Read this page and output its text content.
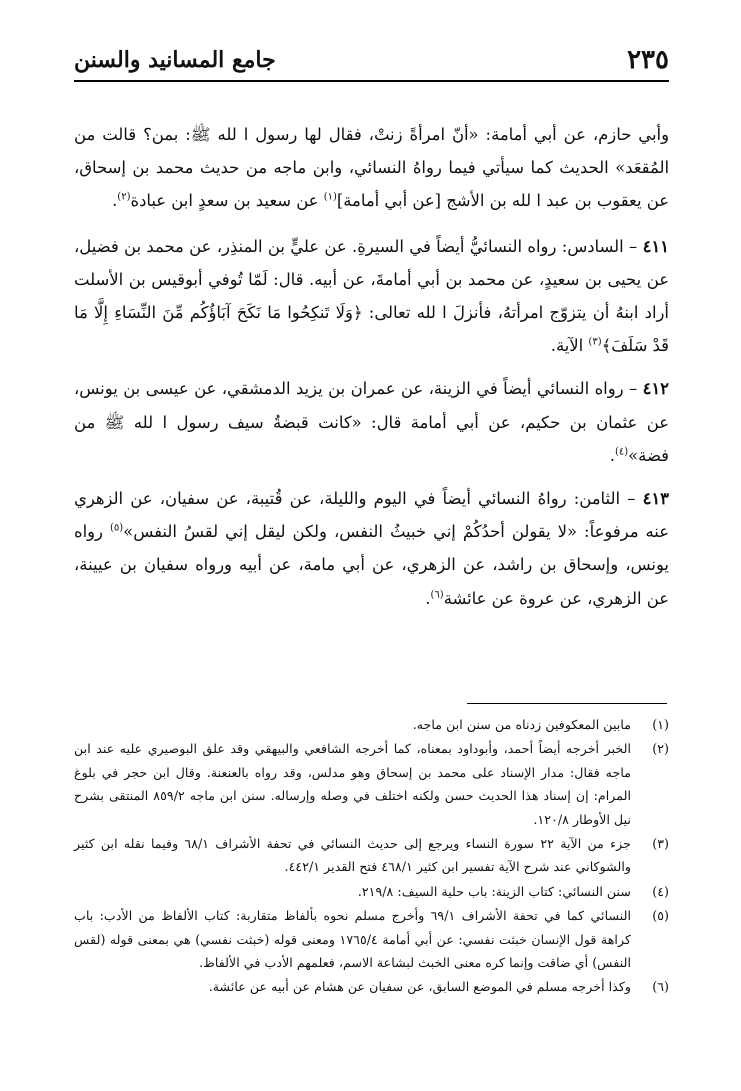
٢٣٥
جامع المسانيد والسنن

وأبي حازم، عن أبي أمامة: «أنّ امرأةً زنتْ، فقال لها رسول ا لله ﷺ: بمن؟ قالت من المُقعَد» الحديث كما سيأتي فيما رواهُ النسائي، وابن ماجه من حديث محمد بن إسحاق، عن يعقوب بن عبد ا لله بن الأشج [عن أبي أمامة]$^{(١)}$ عن سعيد بن سعدٍ ابن عبادة$^{(٢)}$.

٤١١ – السادس: رواه النسائيُّ أيضاً في السيرةِ. عن عليٍّ بن المنذِر، عن محمد بن فضيل، عن يحيى بن سعيدٍ، عن محمد بن أبي أمامةَ، عن أبيه. قال: لَمّا تُوفي أبوقيس بن الأسلت أراد ابنهُ أن يتزوّج امرأتهُ، فأنزلَ ا لله تعالى: ﴿وَلَا تَنكِحُوا مَا نَكَحَ آبَاؤُكُم مِّنَ النِّسَاءِ إِلَّا مَا قَدْ سَلَفَ﴾$^{(٣)}$ الآية.

٤١٢ – رواه النسائي أيضاً في الزينة، عن عمران بن يزيد الدمشقي، عن عيسى بن يونس، عن عثمان بن حكيم، عن أبي أمامة قال: «كانت قبضةُ سيف رسول ا لله ﷺ من فضة»$^{(٤)}$.

٤١٣ – الثامن: رواهُ النسائي أيضاً في اليوم والليلة، عن قُتيبة، عن سفيان، عن الزهري عنه مرفوعاً: «لا يقولن أحدُكُمْ إني خبيثُ النفس، ولكن ليقل إني لقسُ النفس»$^{(٥)}$ رواه يونس، وإسحاق بن راشد، عن الزهري، عن أبي مامة، عن أبيه ورواه سفيان بن عيينة، عن الزهري، عن عروة عن عائشة$^{(٦)}$.

(١)
مابين المعكوفين زدناه من سنن ابن ماجه.
(٢)
الخبر أخرجه أيضاً أحمد، وأبوداود بمعناه، كما أخرجه الشافعي والبيهقي وقد علق البوصيري عليه عند ابن ماجه فقال: مدار الإسناد على محمد بن إسحاق وهو مدلس، وقد رواه بالعنعنة. وقال ابن حجر في بلوغ المرام: إن إسناد هذا الحديث حسن ولكنه اختلف في وصله وإرساله. سنن ابن ماجه ٨٥٩/٢ المنتقى بشرح نيل الأوطار ١٢٠/٨.
(٣)
جزء من الآية ٢٢ سورة النساء ويرجع إلى حديث النسائي في تحفة الأشراف ٦٨/١ وفيما نقله ابن كثير والشوكاني عند شرح الآية تفسير ابن كثير ٤٦٨/١ فتح القدير ٤٤٢/١.
(٤)
سنن النسائي: كتاب الزينة: باب حلية السيف: ٢١٩/٨.
(٥)
النسائي كما في تحفة الأشراف ٦٩/١ وأخرج مسلم نحوه بألفاظ متقاربة: كتاب الألفاظ من الأدب: باب كراهة قول الإنسان خبثت نفسي: عن أبي أمامة ١٧٦٥/٤ ومعنى قوله (خبثت نفسي) هي بمعنى قوله (لقس النفس) أي ضاقت وإنما كره معنى الخبث لبشاعة الاسم، فعلمهم الأدب في الألفاظ.
(٦)
وكذا أخرجه مسلم في الموضع السابق، عن سفيان عن هشام عن أبيه عن عائشة.
